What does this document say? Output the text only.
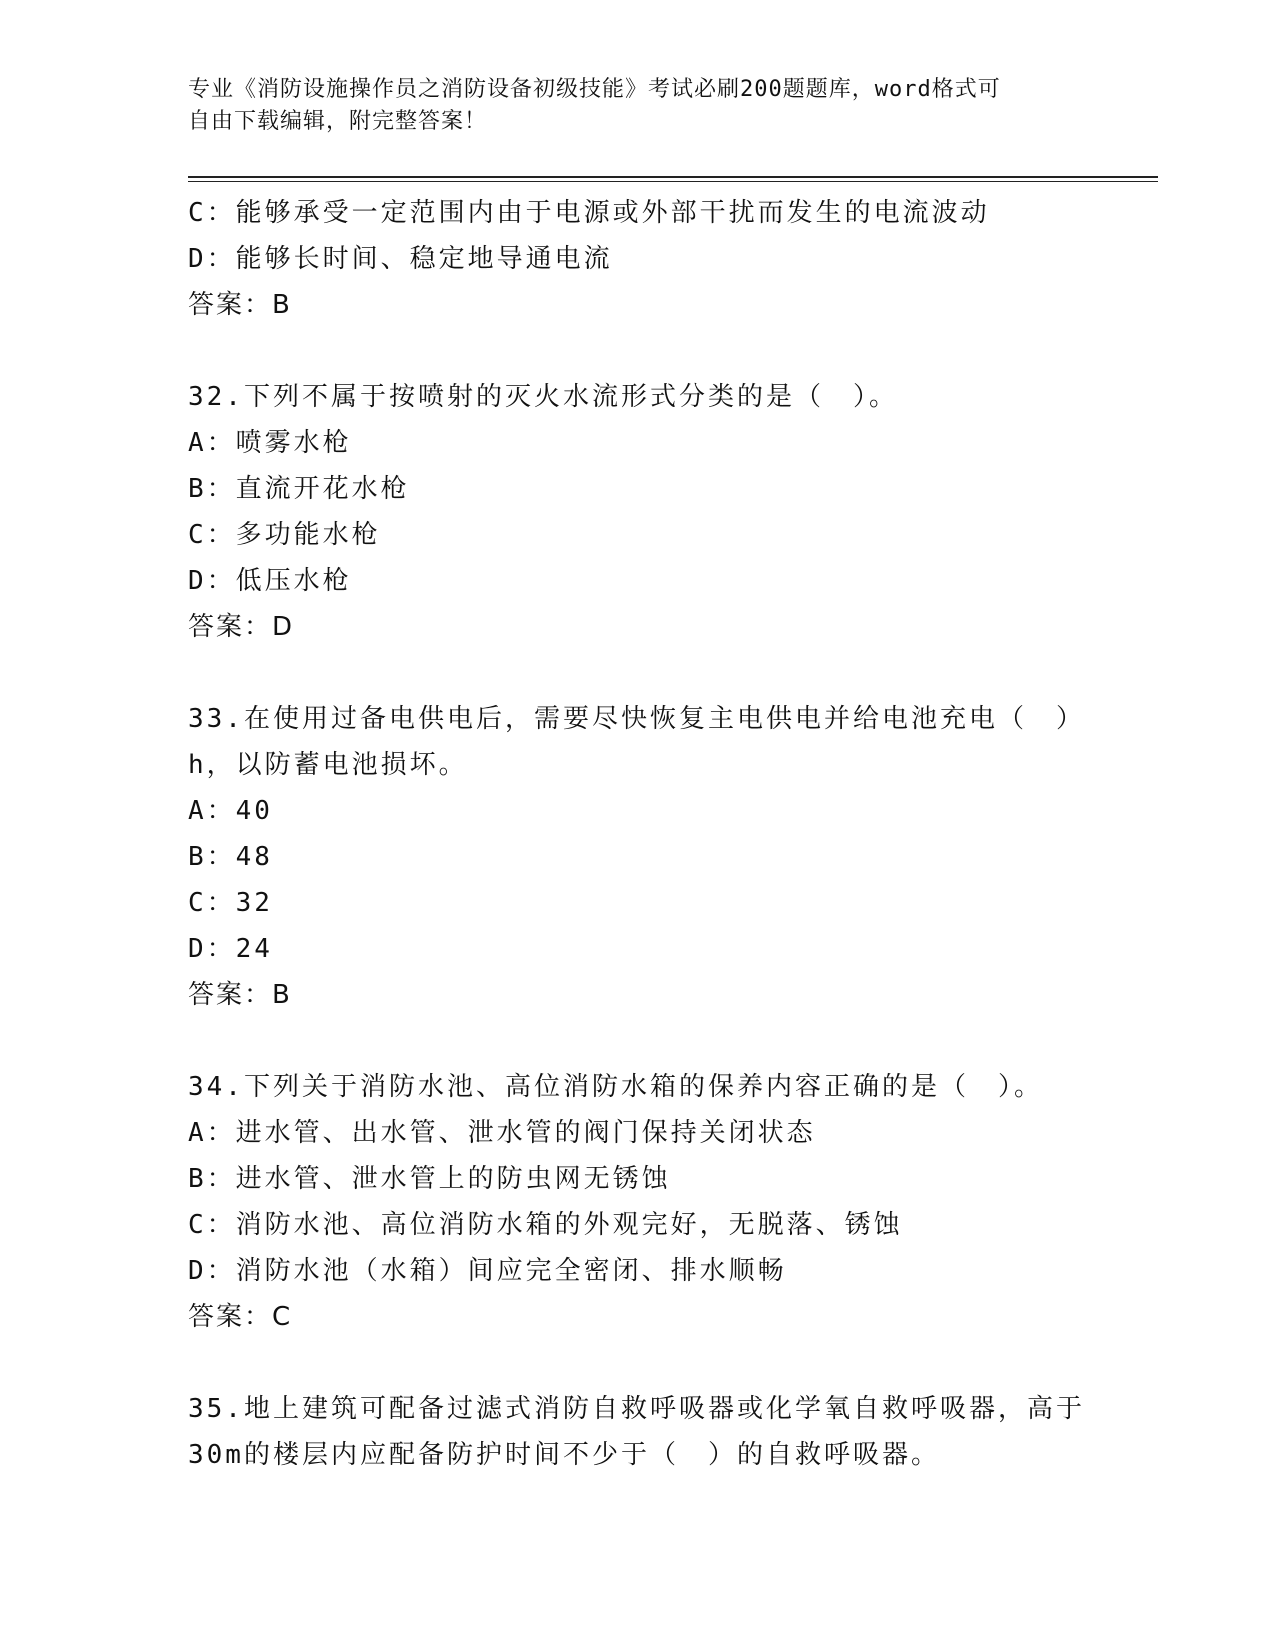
专业《消防设施操作员之消防设备初级技能》考试必刷200题题库，word格式可
自由下载编辑，附完整答案！
C：能够承受一定范围内由于电源或外部干扰而发生的电流波动
D：能够长时间、稳定地导通电流
答案：B
32.下列不属于按喷射的灭火水流形式分类的是（　）。
A：喷雾水枪
B：直流开花水枪
C：多功能水枪
D：低压水枪
答案：D
33.在使用过备电供电后，需要尽快恢复主电供电并给电池充电（　）
h，以防蓄电池损坏。
A：40
B：48
C：32
D：24
答案：B
34.下列关于消防水池、高位消防水箱的保养内容正确的是（　）。
A：进水管、出水管、泄水管的阀门保持关闭状态
B：进水管、泄水管上的防虫网无锈蚀
C：消防水池、高位消防水箱的外观完好，无脱落、锈蚀
D：消防水池（水箱）间应完全密闭、排水顺畅
答案：C
35.地上建筑可配备过滤式消防自救呼吸器或化学氧自救呼吸器，高于
30m的楼层内应配备防护时间不少于（　）的自救呼吸器。
